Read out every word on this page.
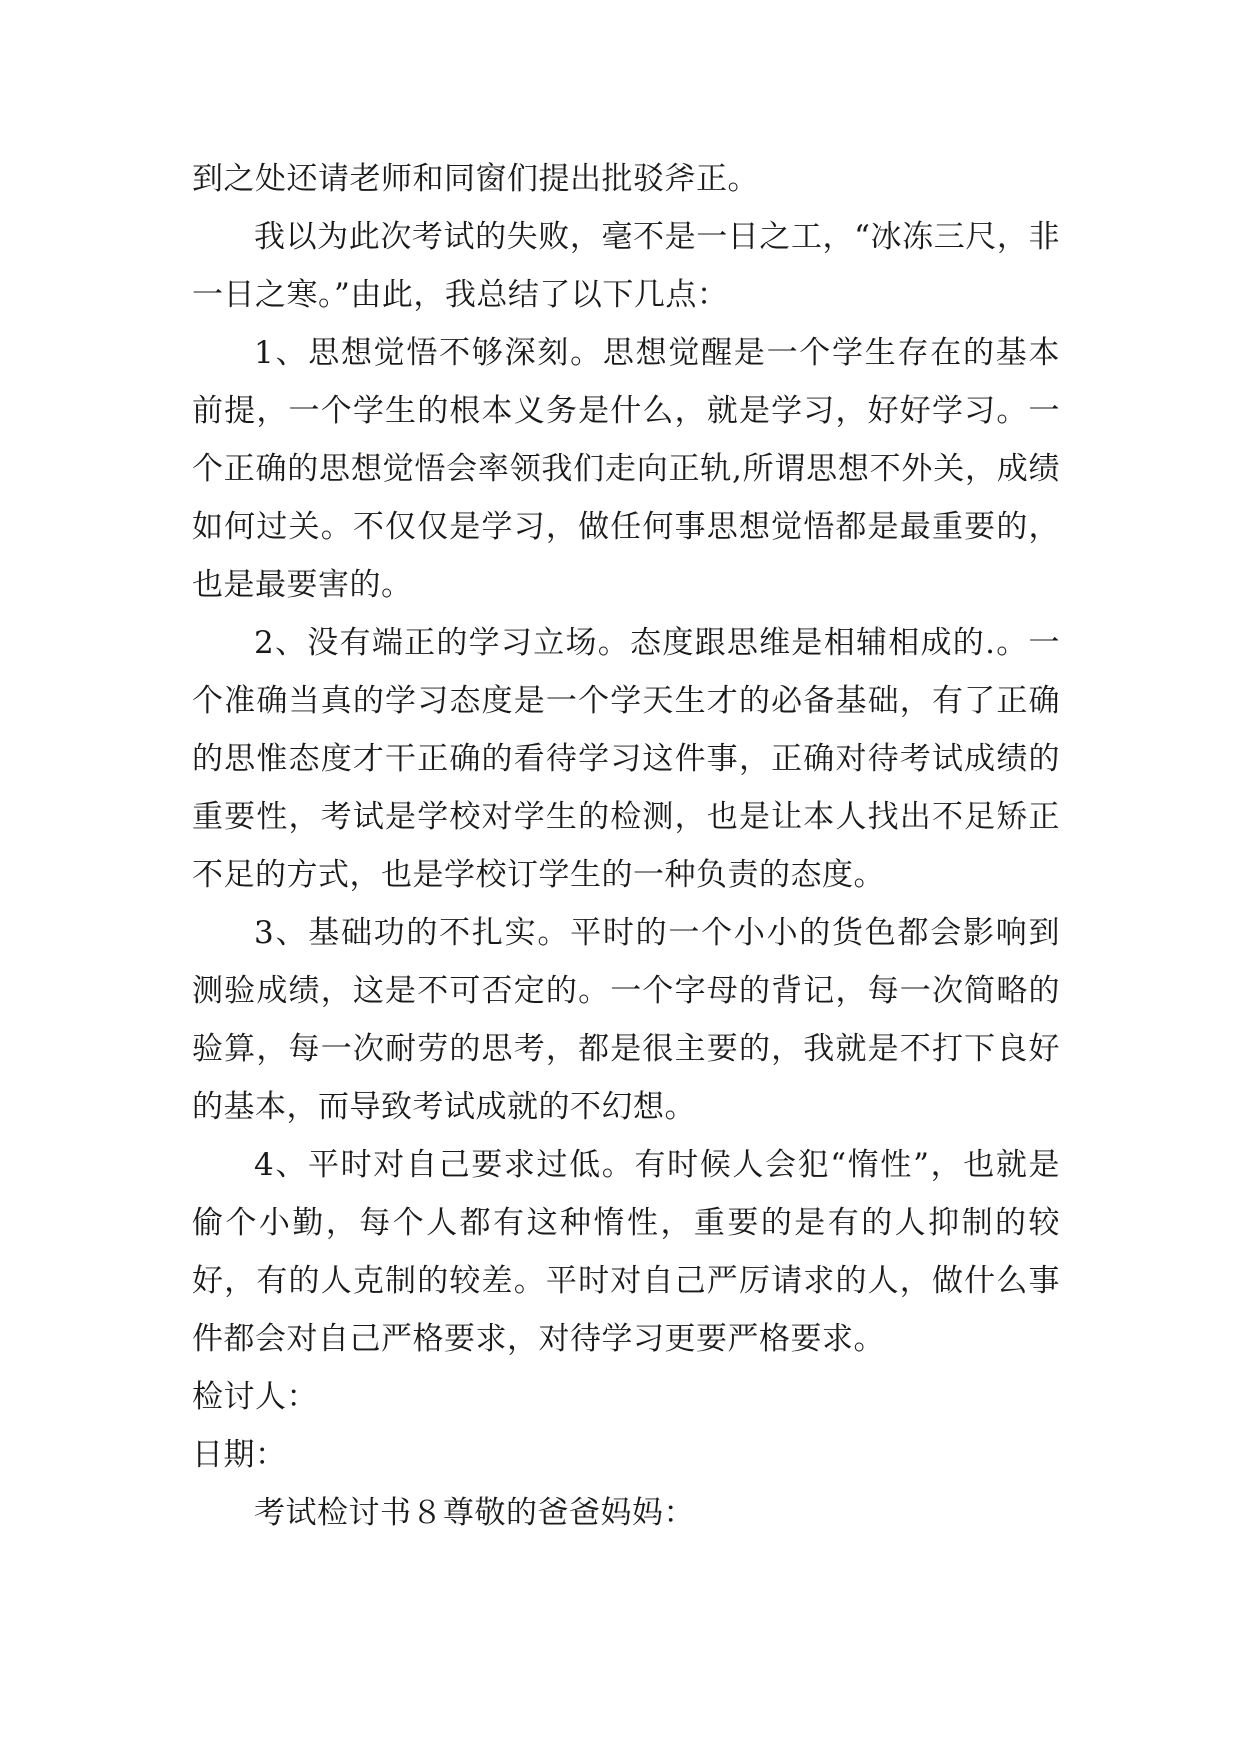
到之处还请老师和同窗们提出批驳斧正。

我以为此次考试的失败，毫不是一日之工，“冰冻三尺，非一日之寒。”由此，我总结了以下几点：

1、思想觉悟不够深刻。思想觉醒是一个学生存在的基本前提，一个学生的根本义务是什么，就是学习，好好学习。一个正确的思想觉悟会率领我们走向正轨,所谓思想不外关，成绩如何过关。不仅仅是学习，做任何事思想觉悟都是最重要的，也是最要害的。

2、没有端正的学习立场。态度跟思维是相辅相成的.。一个准确当真的学习态度是一个学天生才的必备基础，有了正确的思惟态度才干正确的看待学习这件事，正确对待考试成绩的重要性，考试是学校对学生的检测，也是让本人找出不足矫正不足的方式，也是学校订学生的一种负责的态度。

3、基础功的不扎实。平时的一个小小的货色都会影响到测验成绩，这是不可否定的。一个字母的背记，每一次简略的验算，每一次耐劳的思考，都是很主要的，我就是不打下良好的基本，而导致考试成就的不幻想。

4、平时对自己要求过低。有时候人会犯“惰性”，也就是偷个小勤，每个人都有这种惰性，重要的是有的人抑制的较好，有的人克制的较差。平时对自己严厉请求的人，做什么事件都会对自己严格要求，对待学习更要严格要求。

检讨人：

日期：

考试检讨书８尊敬的爸爸妈妈：
